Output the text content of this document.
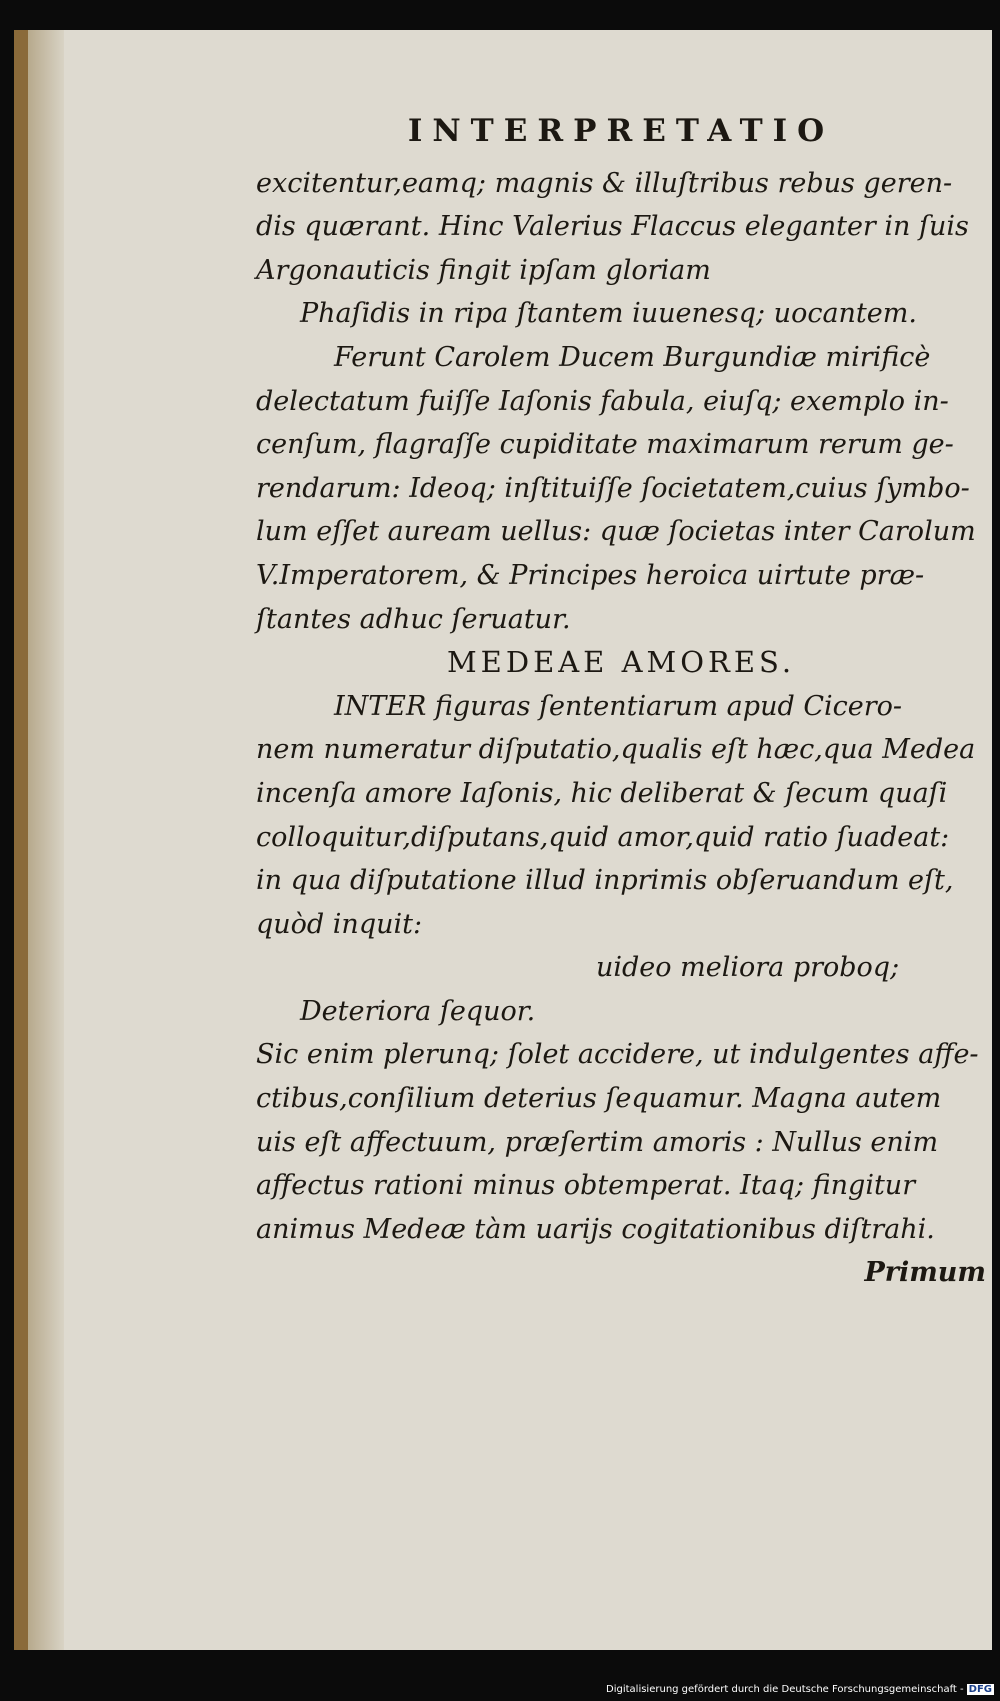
INTERPRETATIO
excitentur,eamq; magnis & illuſtribus rebus geren-
dis quærant. Hinc Valerius Flaccus eleganter in ſuis
Argonauticis fingit ipſam gloriam
Phaſidis in ripa ſtantem iuuenesq; uocantem.
Ferunt Carolem Ducem Burgundiæ mirificè
delectatum fuiſſe Iaſonis fabula, eiuſq; exemplo in-
cenſum, flagraſſe cupiditate maximarum rerum ge-
rendarum: Ideoq; inſtituiſſe ſocietatem,cuius ſymbo-
lum eſſet auream uellus: quæ ſocietas inter Carolum
V.Imperatorem, & Principes heroica uirtute præ-
ſtantes adhuc ſeruatur.
MEDEAE AMORES.
INTER figuras ſententiarum apud Cicero-
nem numeratur diſputatio,qualis eſt hæc,qua Medea
incenſa amore Iaſonis, hic deliberat & ſecum quaſi
colloquitur,diſputans,quid amor,quid ratio ſuadeat:
in qua diſputatione illud inprimis obſeruandum eſt,
quòd inquit:
uideo meliora proboq;
Deteriora ſequor.
Sic enim plerunq; ſolet accidere, ut indulgentes affe-
ctibus,conſilium deterius ſequamur. Magna autem
uis eſt affectuum, præſertim amoris : Nullus enim
affectus rationi minus obtemperat. Itaq; fingitur
animus Medeæ tàm uarijs cogitationibus diſtrahi.
Primum
Digitalisierung gefördert durch die Deutsche Forschungsgemeinschaft - DFG
